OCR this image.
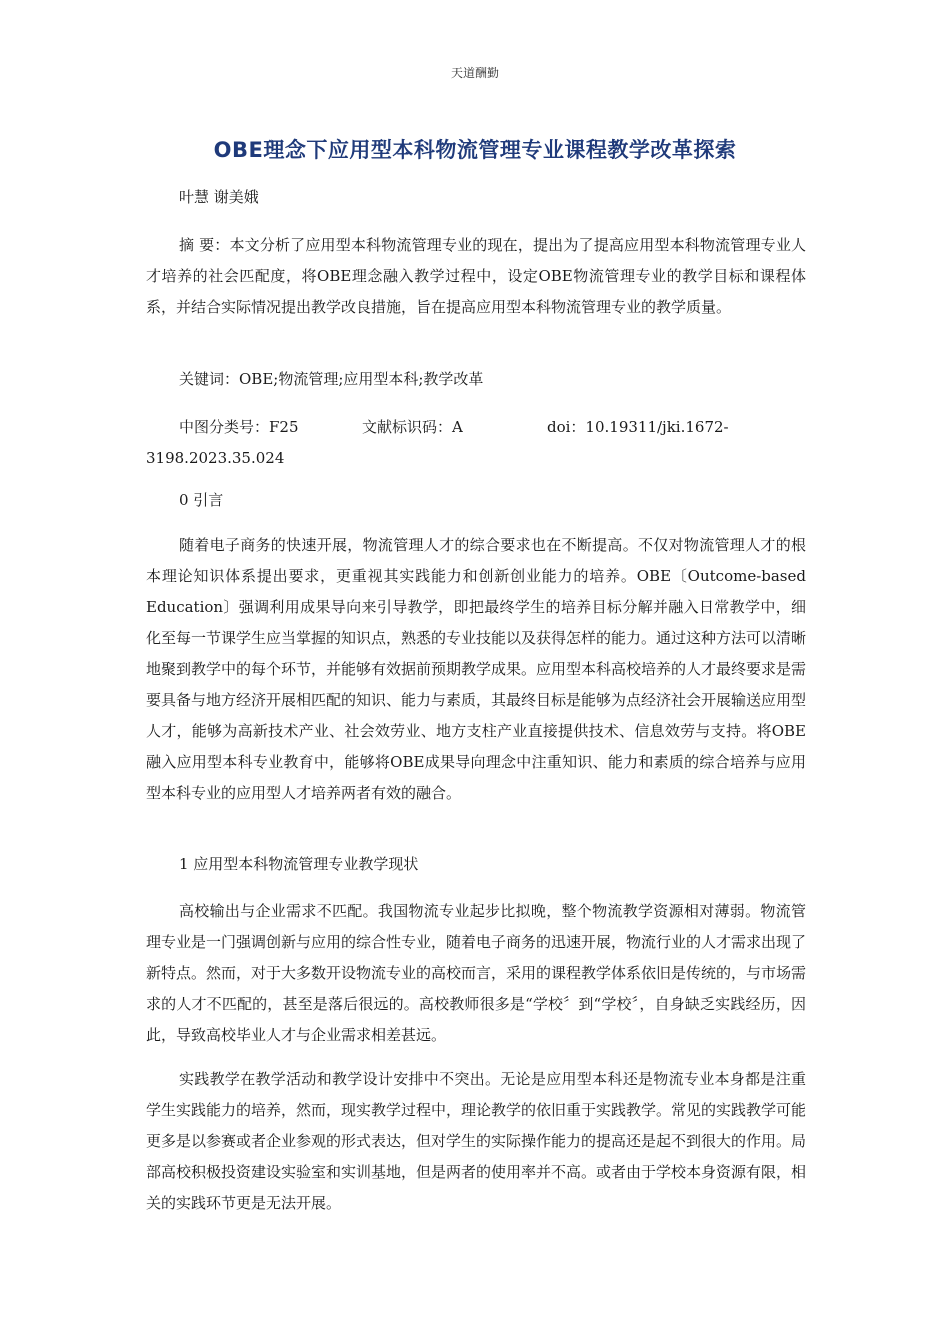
天道酬勤
OBE理念下应用型本科物流管理专业课程教学改革探索
叶慧 谢美娥

摘 要：本文分析了应用型本科物流管理专业的现在，提出为了提高应用型本科物流管理专业人才培养的社会匹配度，将OBE理念融入教学过程中，设定OBE物流管理专业的教学目标和课程体系，并结合实际情况提出教学改良措施，旨在提高应用型本科物流管理专业的教学质量。

关键词：OBE;物流管理;应用型本科;教学改革
中图分类号：F25	文献标识码：A	doi：10.19311/jki.1672-
3198.2023.35.024
0 引言

随着电子商务的快速开展，物流管理人才的综合要求也在不断提高。不仅对物流管理人才的根本理论知识体系提出要求，更重视其实践能力和创新创业能力的培养。OBE〔Outcome-based Education〕强调利用成果导向来引导教学，即把最终学生的培养目标分解并融入日常教学中，细化至每一节课学生应当掌握的知识点，熟悉的专业技能以及获得怎样的能力。通过这种方法可以清晰地聚到教学中的每个环节，并能够有效据前预期教学成果。应用型本科高校培养的人才最终要求是需要具备与地方经济开展相匹配的知识、能力与素质，其最终目标是能够为点经济社会开展输送应用型人才，能够为高新技术产业、社会效劳业、地方支柱产业直接提供技术、信息效劳与支持。将OBE融入应用型本科专业教育中，能够将OBE成果导向理念中注重知识、能力和素质的综合培养与应用型本科专业的应用型人才培养两者有效的融合。

1 应用型本科物流管理专业教学现状

高校输出与企业需求不匹配。我国物流专业起步比拟晚，整个物流教学资源相对薄弱。物流管理专业是一门强调创新与应用的综合性专业，随着电子商务的迅速开展，物流行业的人才需求出现了新特点。然而，对于大多数开设物流专业的高校而言，采用的课程教学体系依旧是传统的，与市场需求的人才不匹配的，甚至是落后很远的。高校教师很多是“学校〞到“学校〞，自身缺乏实践经历，因此，导致高校毕业人才与企业需求相差甚远。

实践教学在教学活动和教学设计安排中不突出。无论是应用型本科还是物流专业本身都是注重学生实践能力的培养，然而，现实教学过程中，理论教学的依旧重于实践教学。常见的实践教学可能更多是以参赛或者企业参观的形式表达，但对学生的实际操作能力的提高还是起不到很大的作用。局部高校积极投资建设实验室和实训基地，但是两者的使用率并不高。或者由于学校本身资源有限，相关的实践环节更是无法开展。
